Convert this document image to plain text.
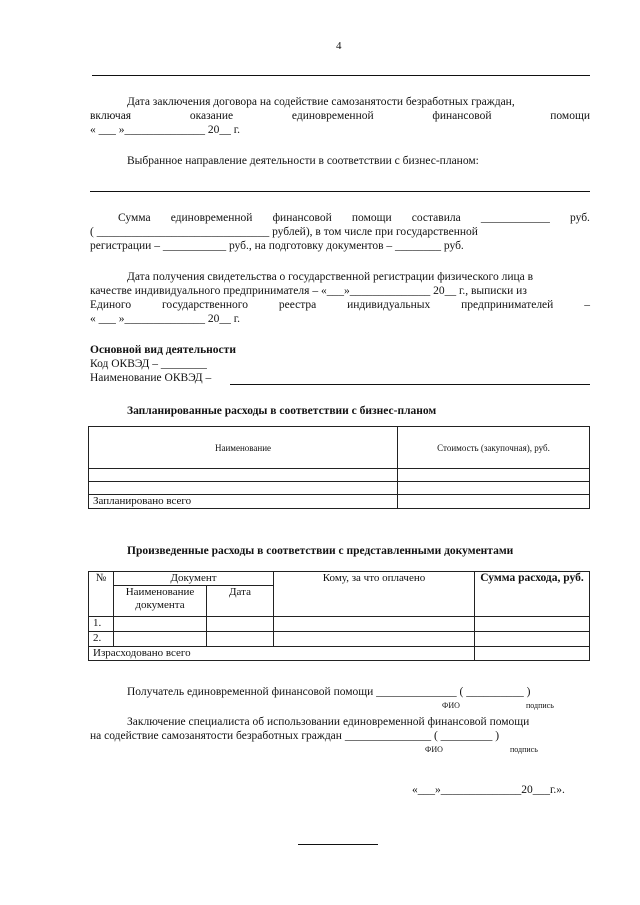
4
Дата заключения договора на содействие самозанятости безработных граждан,
включая	оказание	единовременной	финансовой	помощи
« ___ »______________ 20__ г.
Выбранное направление деятельности в соответствии с бизнес-планом:
Сумма единовременной финансовой помощи составила ____________ руб.
( ______________________________ рублей), в том числе при государственной
регистрации – ___________ руб., на подготовку документов – ________ руб.
Дата получения свидетельства о государственной регистрации физического лица в
качестве индивидуального предпринимателя – «___»______________ 20__ г., выписки из
Единого	государственного	реестра	индивидуальных	предпринимателей	–
« ___ »______________ 20__ г.
Основной вид деятельности
Код ОКВЭД – ________
Наименование ОКВЭД –
Запланированные расходы в соответствии с бизнес-планом
Наименование	Стоимость (закупочная), руб.

Запланировано всего	
Произведенные расходы в соответствии с представленными документами
№	Документ		Кому, за что оплачено	Сумма расхода, руб.
	Наименование документа	Дата		
1.				
2.				
Израсходовано всего				
Получатель единовременной финансовой помощи ______________ ( __________ )
ФИО	подпись
Заключение специалиста об использовании единовременной финансовой помощи
на содействие самозанятости безработных граждан _______________ ( _________ )
ФИО	подпись
«___»______________20___г.».
